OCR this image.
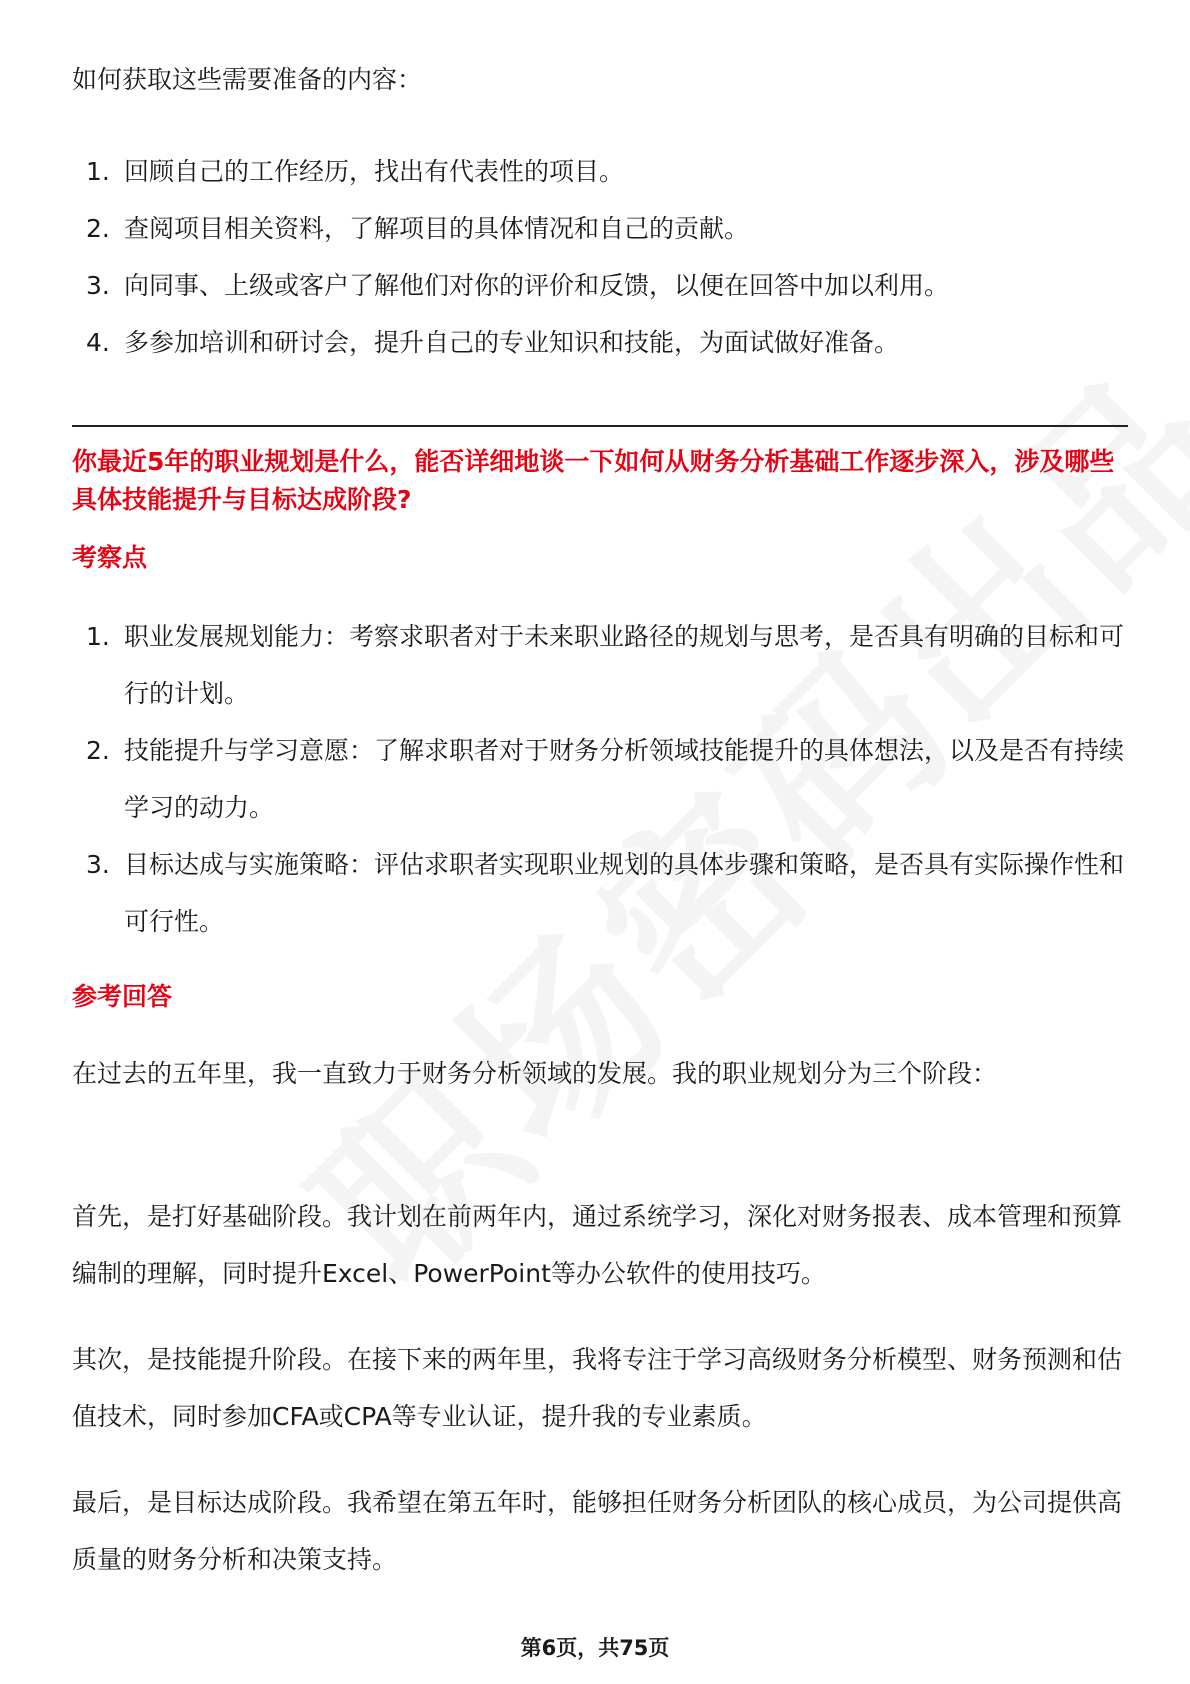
如何获取这些需要准备的内容：

1. 回顾自己的工作经历，找出有代表性的项目。
2. 查阅项目相关资料，了解项目的具体情况和自己的贡献。
3. 向同事、上级或客户了解他们对你的评价和反馈，以便在回答中加以利用。
4. 多参加培训和研讨会，提升自己的专业知识和技能，为面试做好准备。

你最近5年的职业规划是什么，能否详细地谈一下如何从财务分析基础工作逐步深入，涉及哪些具体技能提升与目标达成阶段?

考察点

1. 职业发展规划能力：考察求职者对于未来职业路径的规划与思考，是否具有明确的目标和可行的计划。
2. 技能提升与学习意愿：了解求职者对于财务分析领域技能提升的具体想法，以及是否有持续学习的动力。
3. 目标达成与实施策略：评估求职者实现职业规划的具体步骤和策略，是否具有实际操作性和可行性。

参考回答

在过去的五年里，我一直致力于财务分析领域的发展。我的职业规划分为三个阶段：

首先，是打好基础阶段。我计划在前两年内，通过系统学习，深化对财务报表、成本管理和预算编制的理解，同时提升Excel、PowerPoint等办公软件的使用技巧。

其次，是技能提升阶段。在接下来的两年里，我将专注于学习高级财务分析模型、财务预测和估值技术，同时参加CFA或CPA等专业认证，提升我的专业素质。

最后，是目标达成阶段。我希望在第五年时，能够担任财务分析团队的核心成员，为公司提供高质量的财务分析和决策支持。

第6页，共75页
